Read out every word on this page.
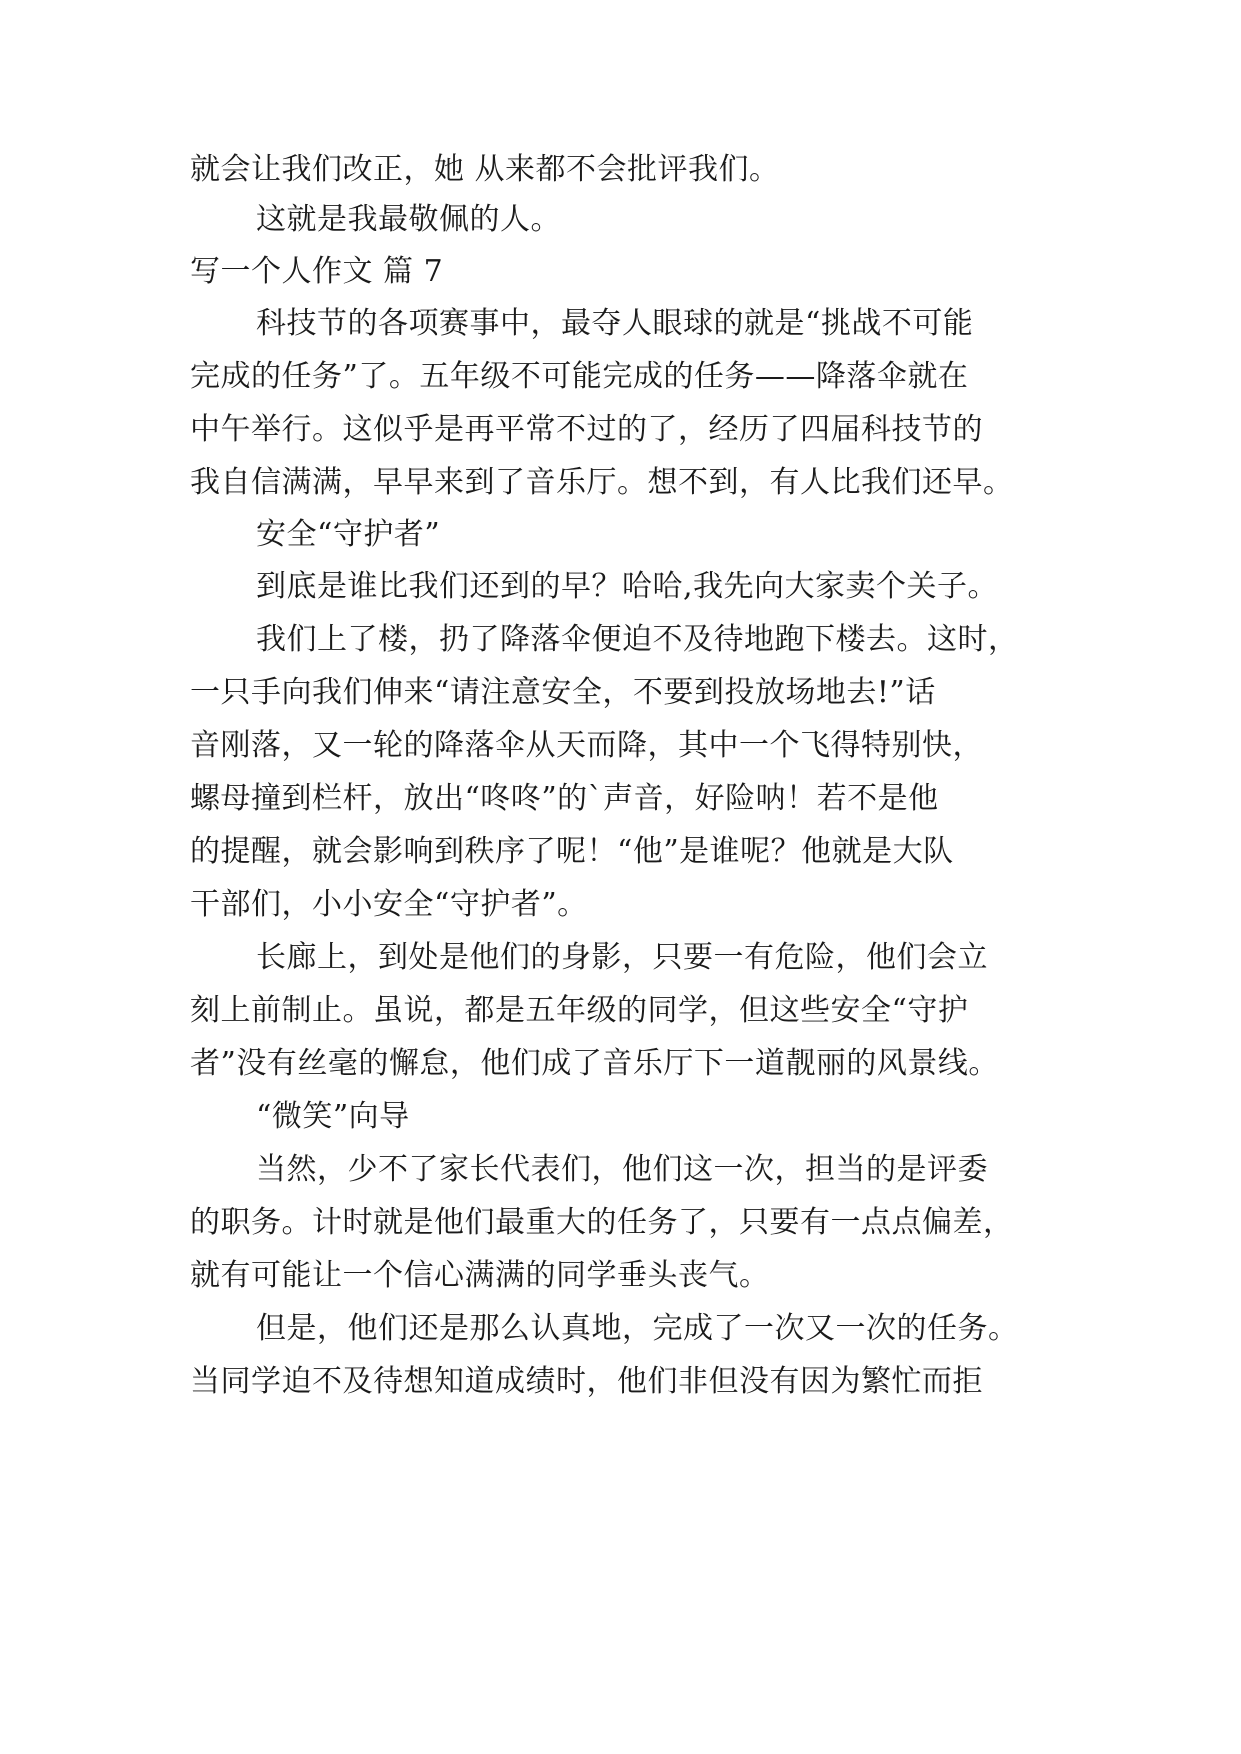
就会让我们改正，她 从来都不会批评我们。
这就是我最敬佩的人。
写一个人作文 篇 7
科技节的各项赛事中，最夺人眼球的就是“挑战不可能
完成的任务”了。五年级不可能完成的任务——降落伞就在
中午举行。这似乎是再平常不过的了，经历了四届科技节的
我自信满满，早早来到了音乐厅。想不到，有人比我们还早。
安全“守护者”
到底是谁比我们还到的早？哈哈,我先向大家卖个关子。
我们上了楼，扔了降落伞便迫不及待地跑下楼去。这时，
一只手向我们伸来“请注意安全，不要到投放场地去!”话
音刚落，又一轮的降落伞从天而降，其中一个飞得特别快，
螺母撞到栏杆，放出“咚咚”的`声音，好险呐！若不是他
的提醒，就会影响到秩序了呢！“他”是谁呢？他就是大队
干部们，小小安全“守护者”。
长廊上，到处是他们的身影，只要一有危险，他们会立
刻上前制止。虽说，都是五年级的同学，但这些安全“守护
者”没有丝毫的懈怠，他们成了音乐厅下一道靓丽的风景线。
“微笑”向导
当然，少不了家长代表们，他们这一次，担当的是评委
的职务。计时就是他们最重大的任务了，只要有一点点偏差，
就有可能让一个信心满满的同学垂头丧气。
但是，他们还是那么认真地，完成了一次又一次的任务。
当同学迫不及待想知道成绩时，他们非但没有因为繁忙而拒
